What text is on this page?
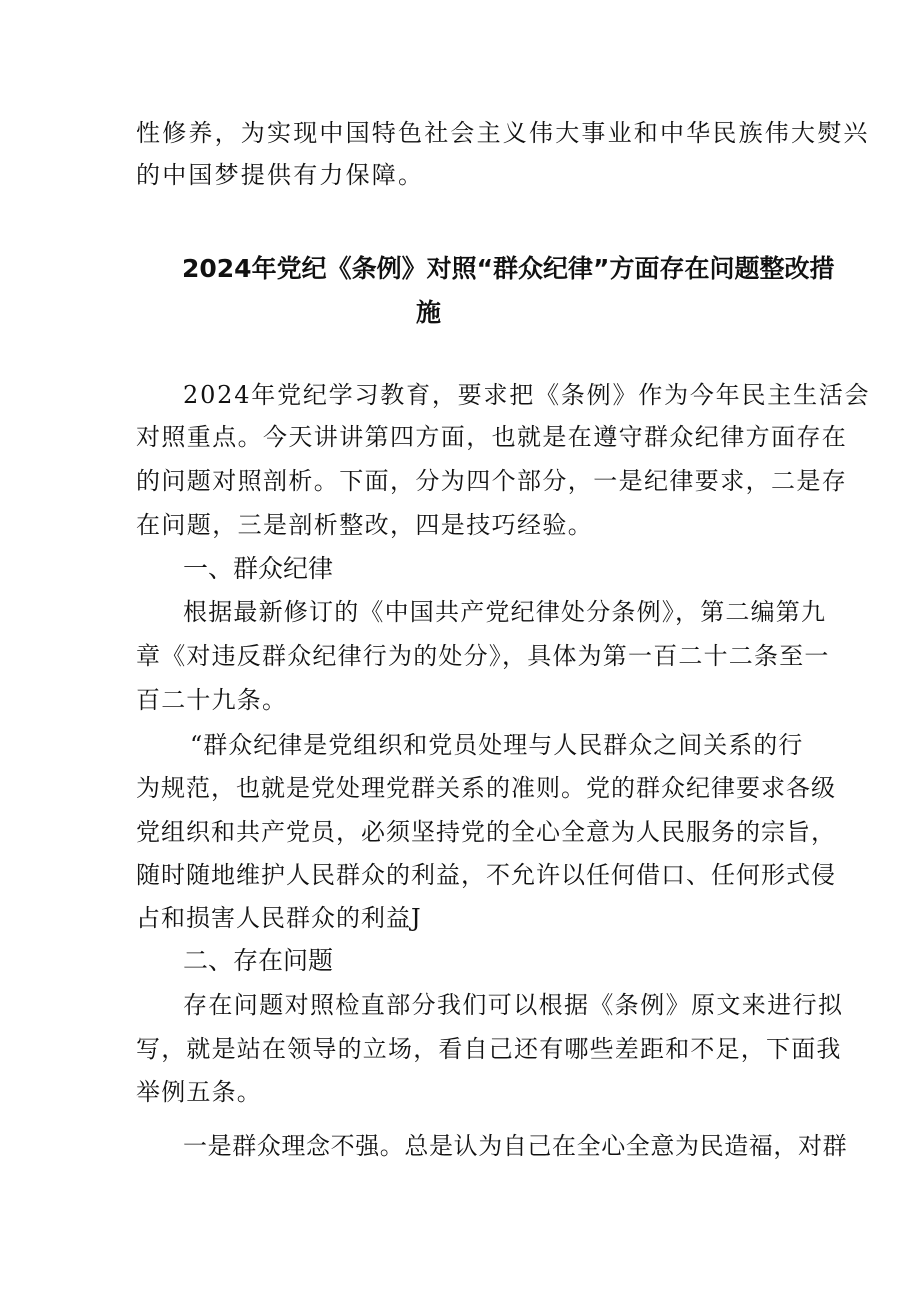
性修养，为实现中国特色社会主义伟大事业和中华民族伟大熨兴
的中国梦提供有力保障。
2024年党纪《条例》对照“群众纪律”方面存在问题整改措
施
2024年党纪学习教育，要求把《条例》作为今年民主生活会
对照重点。今天讲讲第四方面，也就是在遵守群众纪律方面存在
的问题对照剖析。下面，分为四个部分，一是纪律要求，二是存
在问题，三是剖析整改，四是技巧经验。
一、群众纪律
根据最新修订的《中国共产党纪律处分条例》，第二编第九
章《对违反群众纪律行为的处分》，具体为第一百二十二条至一
百二十九条。
“群众纪律是党组织和党员处理与人民群众之间关系的行
为规范，也就是党处理党群关系的准则。党的群众纪律要求各级
党组织和共产党员，必须坚持党的全心全意为人民服务的宗旨，
随时随地维护人民群众的利益，不允许以任何借口、任何形式侵
占和损害人民群众的利益J
二、存在问题
存在问题对照检直部分我们可以根据《条例》原文来进行拟
写，就是站在领导的立场，看自己还有哪些差距和不足，下面我
举例五条。
一是群众理念不强。总是认为自己在全心全意为民造福，对群
